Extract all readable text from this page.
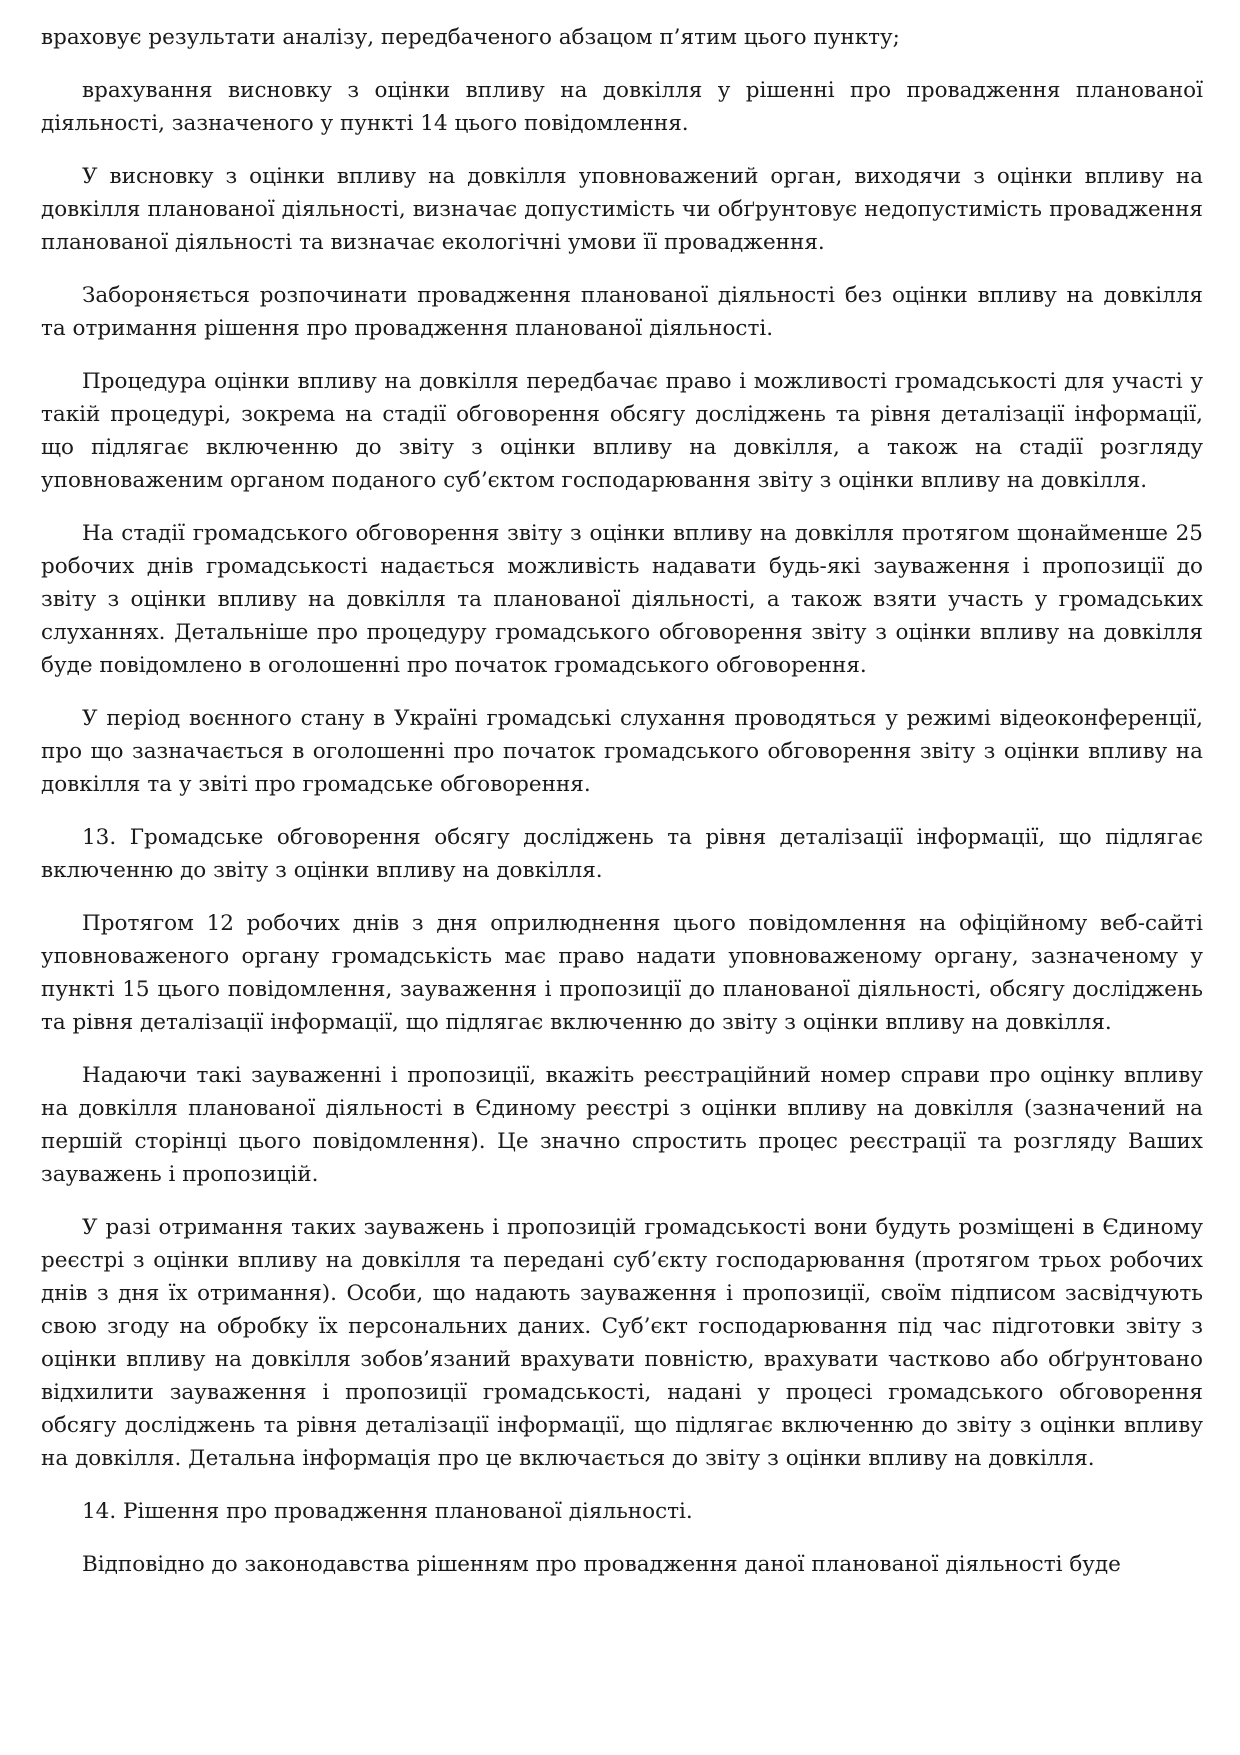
враховує результати аналізу, передбаченого абзацом п’ятим цього пункту;

врахування висновку з оцінки впливу на довкілля у рішенні про провадження планованої діяльності, зазначеного у пункті 14 цього повідомлення.

У висновку з оцінки впливу на довкілля уповноважений орган, виходячи з оцінки впливу на довкілля планованої діяльності, визначає допустимість чи обґрунтовує недопустимість провадження планованої діяльності та визначає екологічні умови її провадження.

Забороняється розпочинати провадження планованої діяльності без оцінки впливу на довкілля та отримання рішення про провадження планованої діяльності.

Процедура оцінки впливу на довкілля передбачає право і можливості громадськості для участі у такій процедурі, зокрема на стадії обговорення обсягу досліджень та рівня деталізації інформації, що підлягає включенню до звіту з оцінки впливу на довкілля, а також на стадії розгляду уповноваженим органом поданого суб’єктом господарювання звіту з оцінки впливу на довкілля.

На стадії громадського обговорення звіту з оцінки впливу на довкілля протягом щонайменше 25 робочих днів громадськості надається можливість надавати будь-які зауваження і пропозиції до звіту з оцінки впливу на довкілля та планованої діяльності, а також взяти участь у громадських слуханнях. Детальніше про процедуру громадського обговорення звіту з оцінки впливу на довкілля буде повідомлено в оголошенні про початок громадського обговорення.

У період воєнного стану в Україні громадські слухання проводяться у режимі відеоконференції, про що зазначається в оголошенні про початок громадського обговорення звіту з оцінки впливу на довкілля та у звіті про громадське обговорення.

13. Громадське обговорення обсягу досліджень та рівня деталізації інформації, що підлягає включенню до звіту з оцінки впливу на довкілля.

Протягом 12 робочих днів з дня оприлюднення цього повідомлення на офіційному веб-сайті уповноваженого органу громадськість має право надати уповноваженому органу, зазначеному у пункті 15 цього повідомлення, зауваження і пропозиції до планованої діяльності, обсягу досліджень та рівня деталізації інформації, що підлягає включенню до звіту з оцінки впливу на довкілля.

Надаючи такі зауваженні і пропозиції, вкажіть реєстраційний номер справи про оцінку впливу на довкілля планованої діяльності в Єдиному реєстрі з оцінки впливу на довкілля (зазначений на першій сторінці цього повідомлення). Це значно спростить процес реєстрації та розгляду Ваших зауважень і пропозицій.

У разі отримання таких зауважень і пропозицій громадськості вони будуть розміщені в Єдиному реєстрі з оцінки впливу на довкілля та передані суб’єкту господарювання (протягом трьох робочих днів з дня їх отримання). Особи, що надають зауваження і пропозиції, своїм підписом засвідчують свою згоду на обробку їх персональних даних. Суб’єкт господарювання під час підготовки звіту з оцінки впливу на довкілля зобов’язаний врахувати повністю, врахувати частково або обґрунтовано відхилити зауваження і пропозиції громадськості, надані у процесі громадського обговорення обсягу досліджень та рівня деталізації інформації, що підлягає включенню до звіту з оцінки впливу на довкілля. Детальна інформація про це включається до звіту з оцінки впливу на довкілля.

14. Рішення про провадження планованої діяльності.

Відповідно до законодавства рішенням про провадження даної планованої діяльності буде
